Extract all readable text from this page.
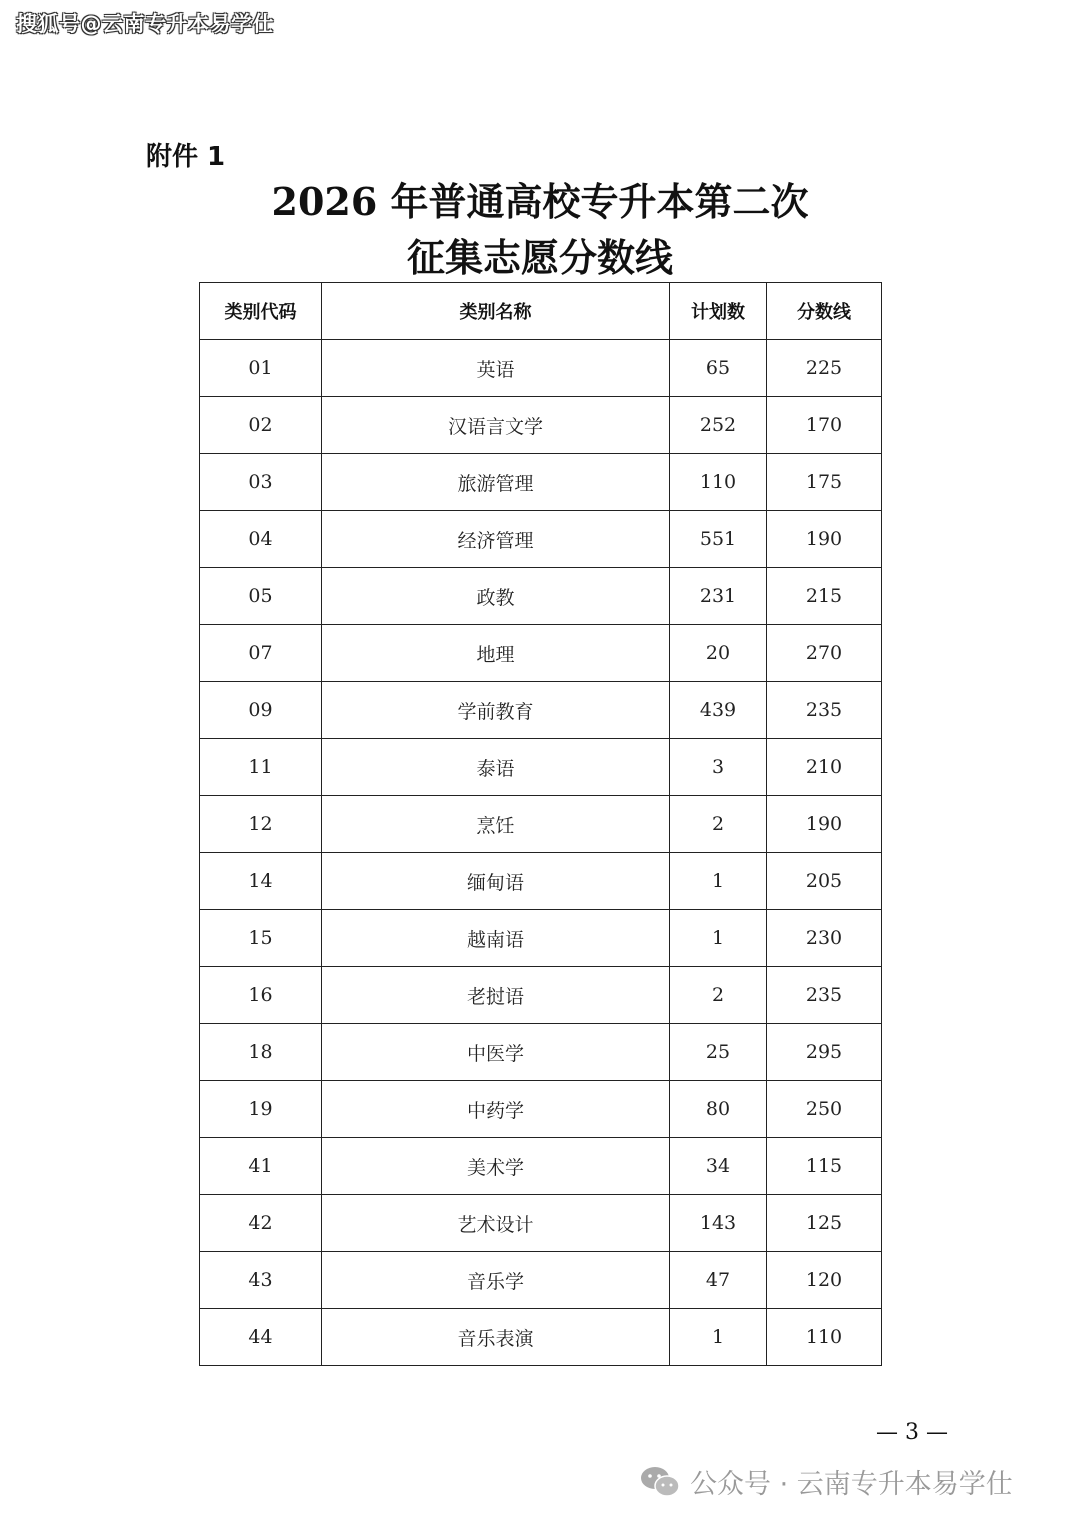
搜狐号@云南专升本易学仕
附件 1
2026 年普通高校专升本第二次
征集志愿分数线
类别代码	类别名称	计划数	分数线
01	英语	65	225
02	汉语言文学	252	170
03	旅游管理	110	175
04	经济管理	551	190
05	政教	231	215
07	地理	20	270
09	学前教育	439	235
11	泰语	3	210
12	烹饪	2	190
14	缅甸语	1	205
15	越南语	1	230
16	老挝语	2	235
18	中医学	25	295
19	中药学	80	250
41	美术学	34	115
42	艺术设计	143	125
43	音乐学	47	120
44	音乐表演	1	110
— 3 —
公众号 · 云南专升本易学仕
